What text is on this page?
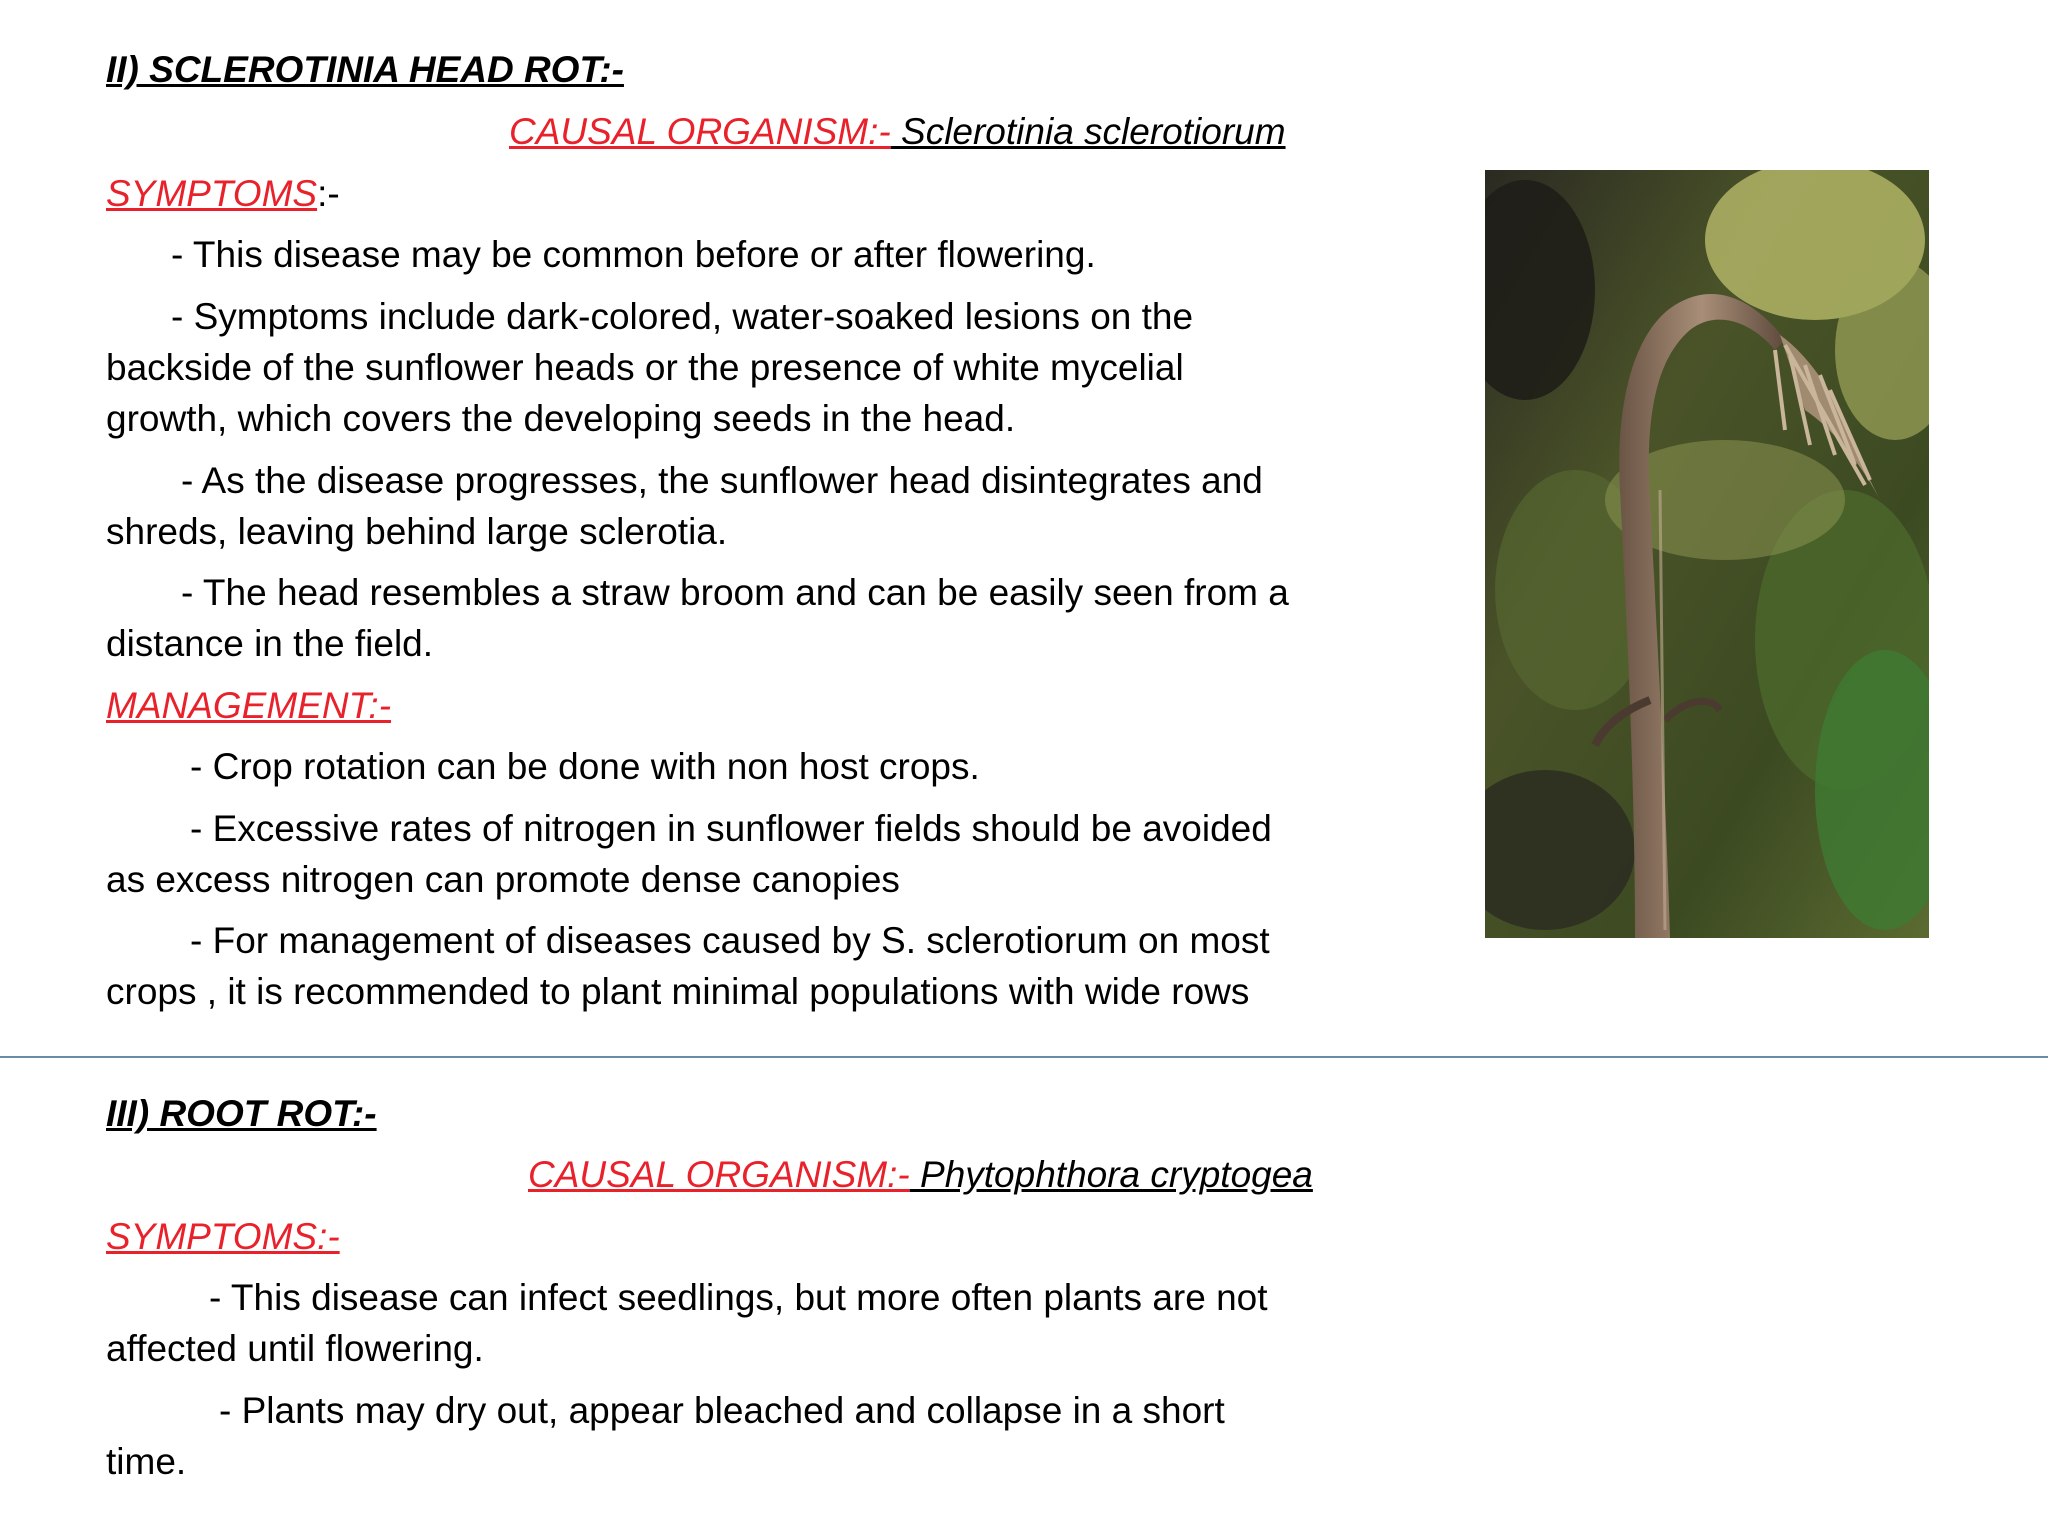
II) SCLEROTINIA HEAD ROT:-
CAUSAL ORGANISM:- Sclerotinia sclerotiorum
SYMPTOMS:-
- This disease may be common before or after flowering.
- Symptoms include dark-colored, water-soaked lesions on the
backside of the sunflower heads or the presence of white mycelial
growth, which covers the developing seeds in the head.
- As the disease progresses, the sunflower head disintegrates and
shreds, leaving behind large sclerotia.
- The head resembles a straw broom and can be easily seen from a
distance in the field.
MANAGEMENT:-
- Crop rotation can be done with non host crops.
- Excessive rates of nitrogen in sunflower fields should be avoided
as excess nitrogen can promote dense canopies
- For management of diseases caused by S. sclerotiorum on most
crops , it is recommended to plant minimal populations with wide rows
III) ROOT ROT:-
CAUSAL ORGANISM:- Phytophthora cryptogea
SYMPTOMS:-
- This disease can infect seedlings, but more often plants are not
affected until flowering.
- Plants may dry out, appear bleached and collapse in a short
time.
